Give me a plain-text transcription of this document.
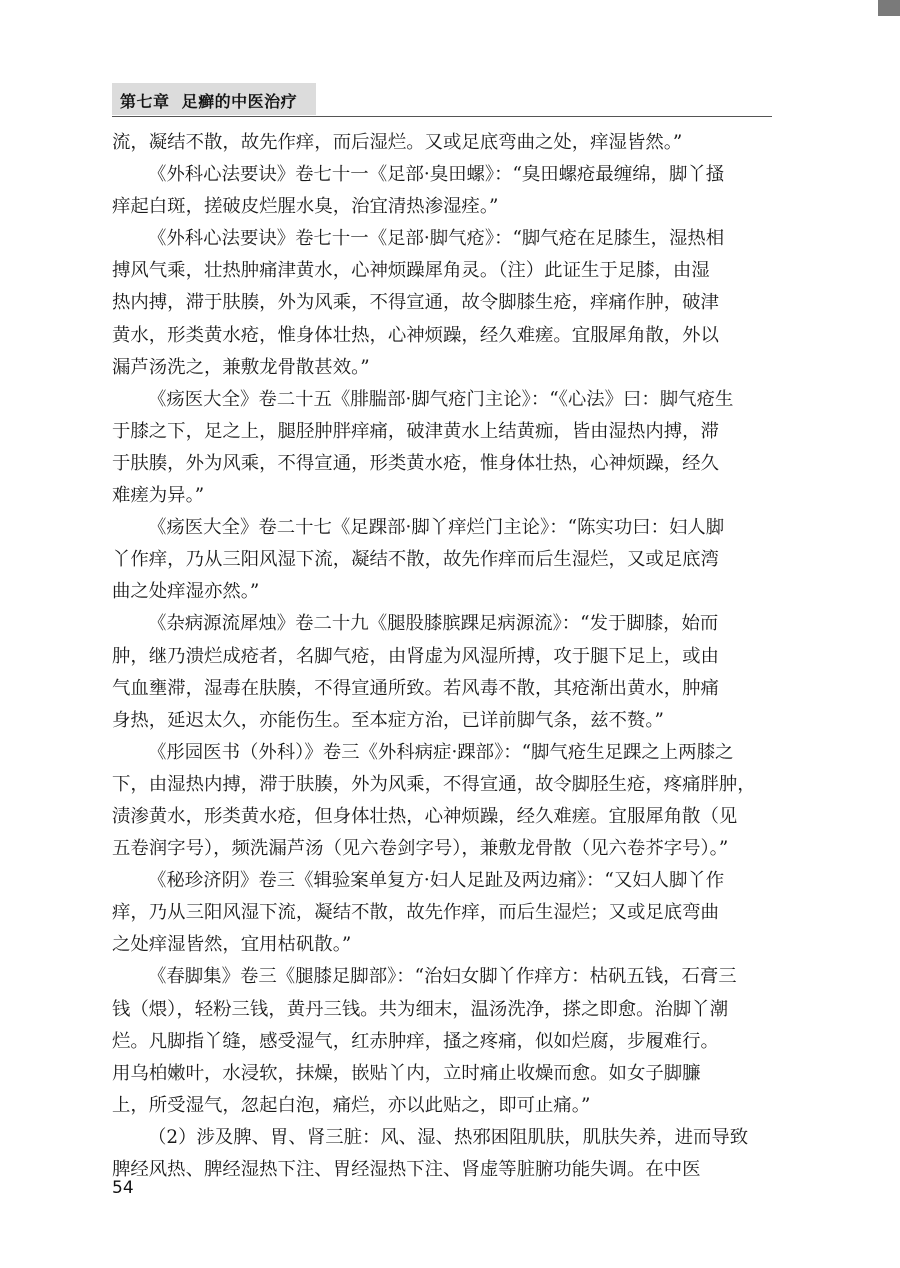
第七章  足癣的中医治疗
流，凝结不散，故先作痒，而后湿烂。又或足底弯曲之处，痒湿皆然。”
《外科心法要诀》卷七十一《足部·臭田螺》：“臭田螺疮最缠绵，脚丫搔
痒起白斑，搓破皮烂腥水臭，治宜清热渗湿痊。”
《外科心法要诀》卷七十一《足部·脚气疮》：“脚气疮在足膝生，湿热相
搏风气乘，壮热肿痛津黄水，心神烦躁犀角灵。（注）此证生于足膝，由湿
热内搏，滞于肤腠，外为风乘，不得宣通，故令脚膝生疮，痒痛作肿，破津
黄水，形类黄水疮，惟身体壮热，心神烦躁，经久难瘥。宜服犀角散，外以
漏芦汤洗之，兼敷龙骨散甚效。”
《疡医大全》卷二十五《腓腨部·脚气疮门主论》：“《心法》曰：脚气疮生
于膝之下，足之上，腿胫肿胖痒痛，破津黄水上结黄痂，皆由湿热内搏，滞
于肤腠，外为风乘，不得宣通，形类黄水疮，惟身体壮热，心神烦躁，经久
难瘥为异。”
《疡医大全》卷二十七《足踝部·脚丫痒烂门主论》：“陈实功曰：妇人脚
丫作痒，乃从三阳风湿下流，凝结不散，故先作痒而后生湿烂，又或足底湾
曲之处痒湿亦然。”
《杂病源流犀烛》卷二十九《腿股膝膑踝足病源流》：“发于脚膝，始而
肿，继乃溃烂成疮者，名脚气疮，由肾虚为风湿所搏，攻于腿下足上，或由
气血壅滞，湿毒在肤腠，不得宣通所致。若风毒不散，其疮渐出黄水，肿痛
身热，延迟太久，亦能伤生。至本症方治，已详前脚气条，兹不赘。”
《彤园医书（外科）》卷三《外科病症·踝部》：“脚气疮生足踝之上两膝之
下，由湿热内搏，滞于肤腠，外为风乘，不得宣通，故令脚胫生疮，疼痛胖肿，
渍渗黄水，形类黄水疮，但身体壮热，心神烦躁，经久难瘥。宜服犀角散（见
五卷润字号），频洗漏芦汤（见六卷剑字号），兼敷龙骨散（见六卷芥字号）。”
《秘珍济阴》卷三《辑验案单复方·妇人足趾及两边痛》：“又妇人脚丫作
痒，乃从三阳风湿下流，凝结不散，故先作痒，而后生湿烂；又或足底弯曲
之处痒湿皆然，宜用枯矾散。”
《春脚集》卷三《腿膝足脚部》：“治妇女脚丫作痒方：枯矾五钱，石膏三
钱（煨），轻粉三钱，黄丹三钱。共为细末，温汤洗净，搽之即愈。治脚丫潮
烂。凡脚指丫缝，感受湿气，红赤肿痒，搔之疼痛，似如烂腐，步履难行。
用乌柏嫩叶，水浸软，抹燥，嵌贴丫内，立时痛止收燥而愈。如女子脚臁
上，所受湿气，忽起白泡，痛烂，亦以此贴之，即可止痛。”
（2）涉及脾、胃、肾三脏：风、湿、热邪困阻肌肤，肌肤失养，进而导致
脾经风热、脾经湿热下注、胃经湿热下注、肾虚等脏腑功能失调。在中医
54
